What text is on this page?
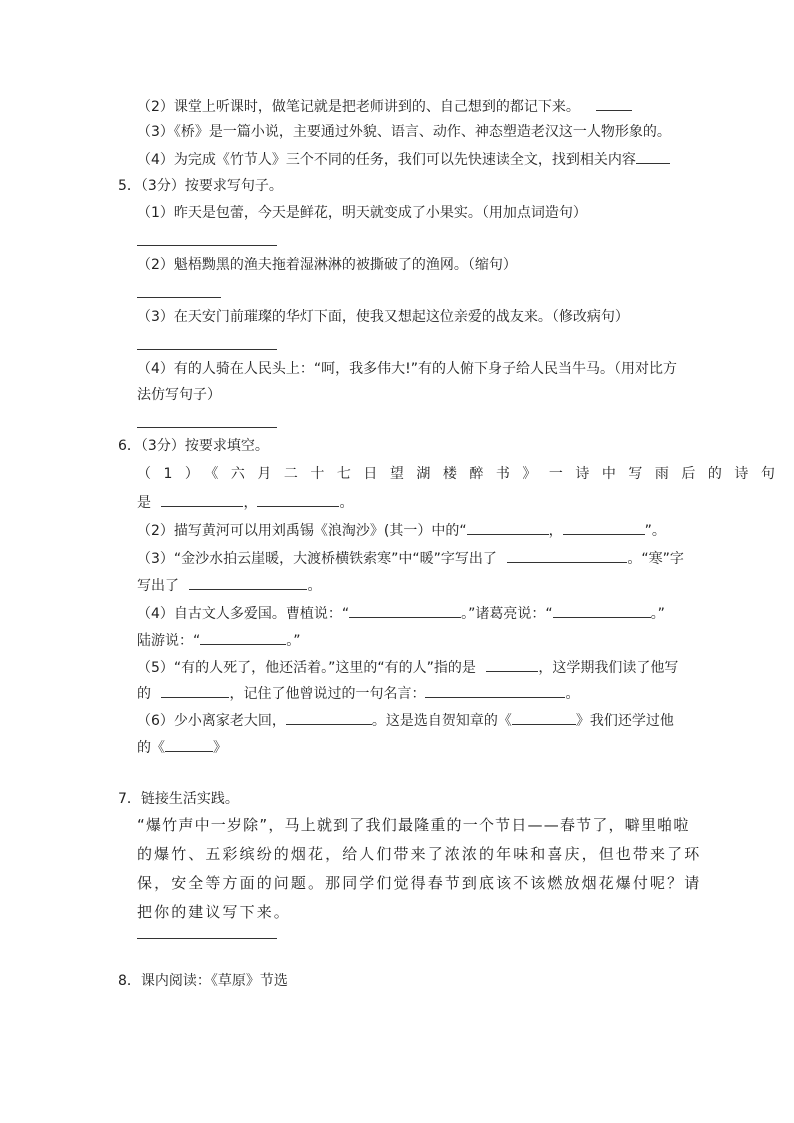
（2）课堂上听课时，做笔记就是把老师讲到的、自己想到的都记下来。
（3）《桥》是一篇小说，主要通过外貌、语言、动作、神态塑造老汉这一人物形象的。
（4）为完成《竹节人》三个不同的任务，我们可以先快速读全文，找到相关内容
5．（3分）按要求写句子。
（1）昨天是包蕾，今天是鲜花，明天就变成了小果实。（用加点词造句）
（2）魁梧黝黑的渔夫拖着湿淋淋的被撕破了的渔网。（缩句）
（3）在天安门前璀璨的华灯下面，使我又想起这位亲爱的战友来。（修改病句）
（4）有的人骑在人民头上：“呵，我多伟大!”有的人俯下身子给人民当牛马。（用对比方
法仿写句子）
6．（3分）按要求填空。
（1）《六月二十七日望湖楼醉书》一诗中写雨后的诗句
是	，	。
（2）描写黄河可以用刘禹锡《浪淘沙》(其一）中的“	，	”。
（3）“金沙水拍云崖暖，大渡桥横铁索寒”中“暖”字写出了	。“寒”字
写出了	。
（4）自古文人多爱国。曹植说：“	。”诸葛亮说：“	。”
陆游说：“	。”
（5）“有的人死了，他还活着。”这里的“有的人”指的是	，这学期我们读了他写
的	，记住了他曾说过的一句名言：	。
（6）少小离家老大回，	。这是选自贺知章的《	》我们还学过他
的《	》
7．链接生活实践。
“爆竹声中一岁除”，马上就到了我们最隆重的一个节日——春节了，噼里啪啦
的爆竹、五彩缤纷的烟花，给人们带来了浓浓的年味和喜庆，但也带来了环
保，安全等方面的问题。那同学们觉得春节到底该不该燃放烟花爆付呢？请
把你的建议写下来。
8．课内阅读：《草原》节选
